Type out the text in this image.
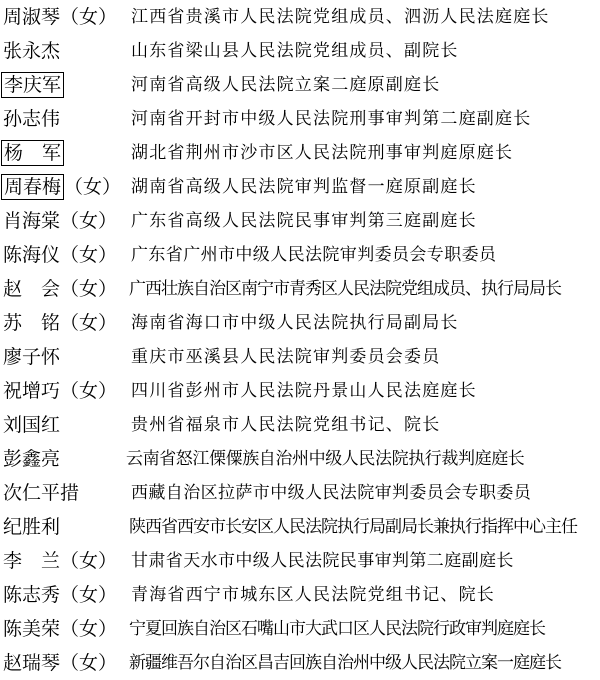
周淑琴 （女） 江西省贵溪市人民法院党组成员、泗沥人民法庭庭长
张永杰	山东省梁山县人民法院党组成员、副院长
李庆军	河南省高级人民法院立案二庭原副庭长
孙志伟	河南省开封市中级人民法院刑事审判第二庭副庭长
杨　军	湖北省荆州市沙市区人民法院刑事审判庭原庭长
周春梅 （女） 湖南省高级人民法院审判监督一庭原副庭长
肖海棠 （女） 广东省高级人民法院民事审判第三庭副庭长
陈海仪 （女） 广东省广州市中级人民法院审判委员会专职委员
赵　会 （女） 广西壮族自治区南宁市青秀区人民法院党组成员、执行局局长
苏　铭 （女） 海南省海口市中级人民法院执行局副局长
廖子怀	重庆市巫溪县人民法院审判委员会委员
祝增巧 （女） 四川省彭州市人民法院丹景山人民法庭庭长
刘国红	贵州省福泉市人民法院党组书记、院长
彭鑫亮	云南省怒江傈僳族自治州中级人民法院执行裁判庭庭长
次仁平措	西藏自治区拉萨市中级人民法院审判委员会专职委员
纪胜利	陕西省西安市长安区人民法院执行局副局长兼执行指挥中心主任
李　兰 （女） 甘肃省天水市中级人民法院民事审判第二庭副庭长
陈志秀 （女） 青海省西宁市城东区人民法院党组书记、院长
陈美荣 （女） 宁夏回族自治区石嘴山市大武口区人民法院行政审判庭庭长
赵瑞琴 （女） 新疆维吾尔自治区昌吉回族自治州中级人民法院立案一庭庭长
